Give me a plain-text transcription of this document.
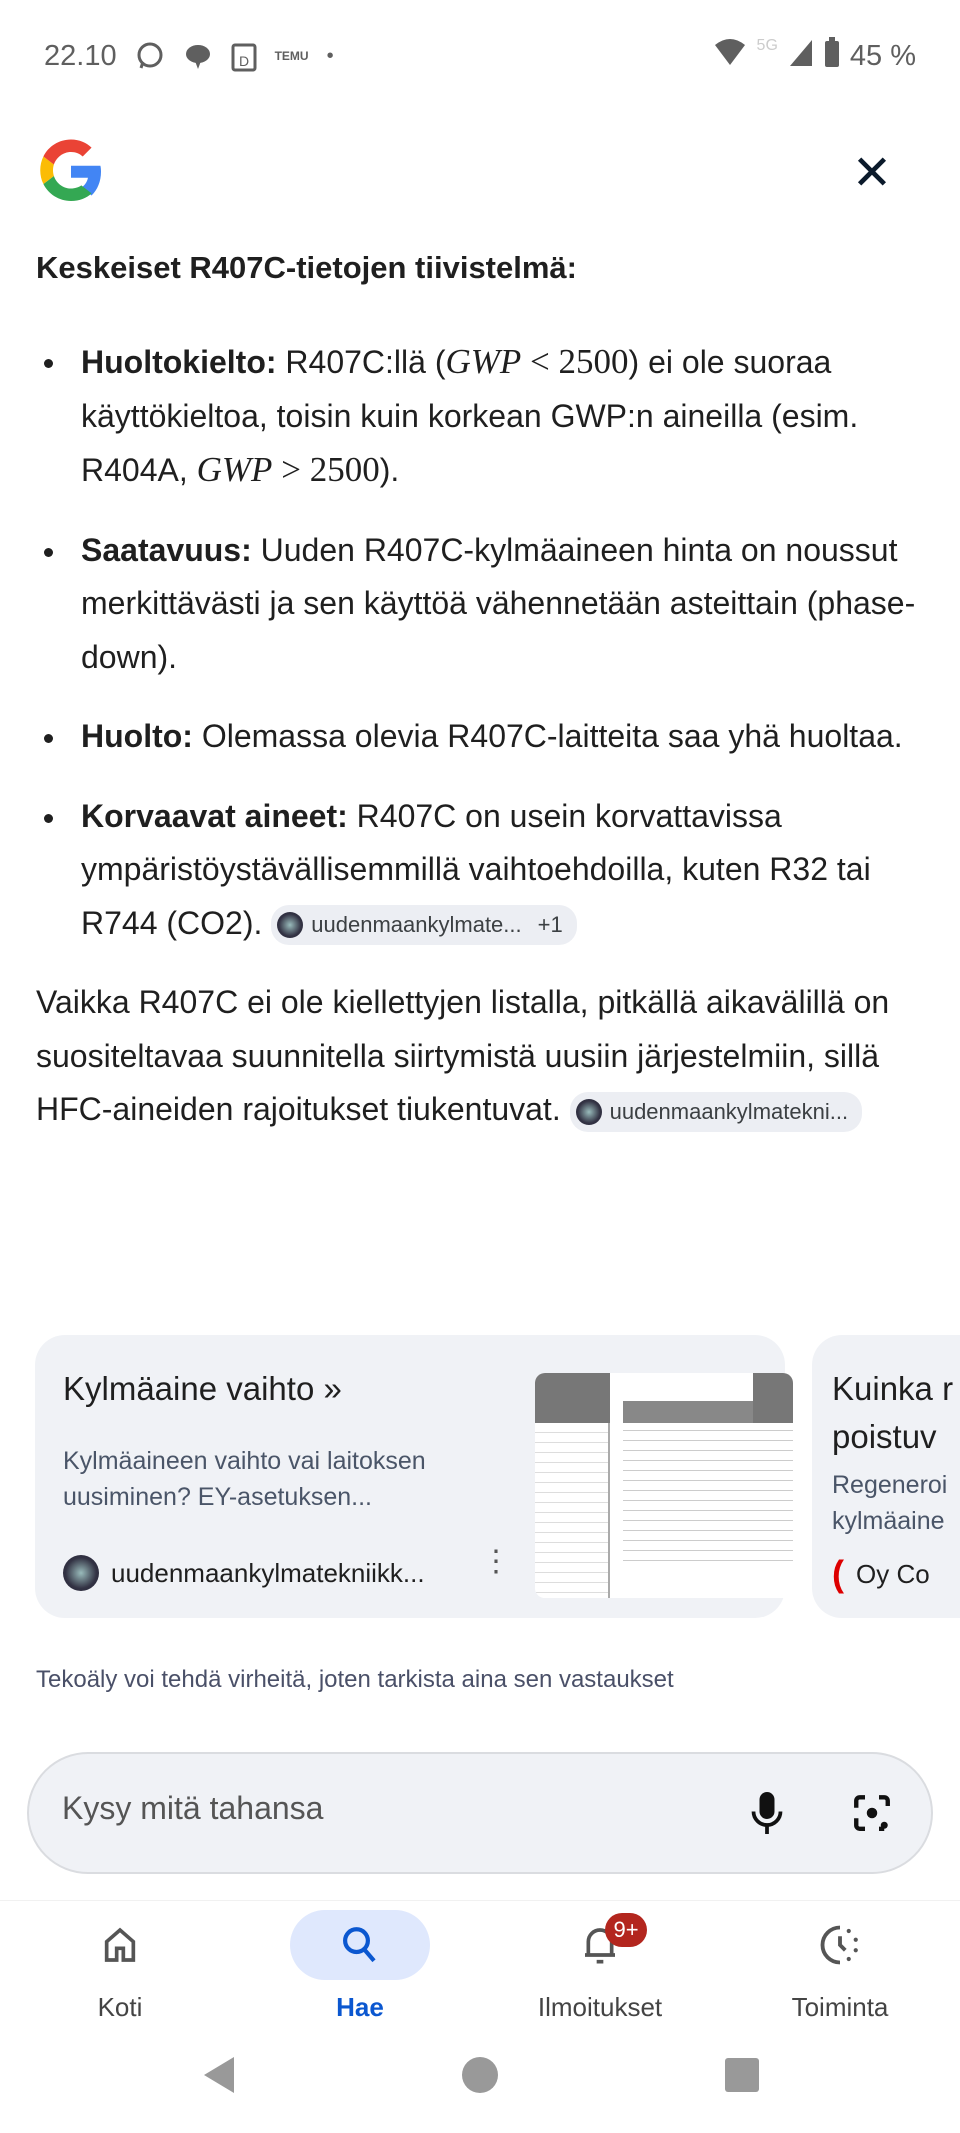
22.10	D TEMU •	5G 45 %
✕
Keskeiset R407C-tietojen tiivistelmä:
Huoltokielto: R407C:llä (GWP < 2500) ei ole suoraa käyttökieltoa, toisin kuin korkean GWP:n aineilla (esim. R404A, GWP > 2500).
Saatavuus: Uuden R407C-kylmäaineen hinta on noussut merkittävästi ja sen käyttöä vähennetään asteittain (phase-down).
Huolto: Olemassa olevia R407C-laitteita saa yhä huoltaa.
Korvaavat aineet: R407C on usein korvattavissa ympäristöystävällisemmillä vaihtoehdoilla, kuten R32 tai R744 (CO2). uudenmaankylmate... +1

Vaikka R407C ei ole kiellettyjen listalla, pitkällä aikavälillä on suositeltavaa suunnitella siirtymistä uusiin järjestelmiin, sillä HFC-aineiden rajoitukset tiukentuvat. uudenmaankylmatekni...

Kylmäaine vaihto »
Kylmäaineen vaihto vai laitoksen uusiminen? EY-asetuksen...
uudenmaankylmatekniikk... ⋮
Kuinka r poistuv
Regeneroi kylmäaine
( Oy Co
Tekoäly voi tehdä virheitä, joten tarkista aina sen vastaukset
Kysy mitä tahansa
Koti	Hae	Ilmoitukset
9+
Toiminta
